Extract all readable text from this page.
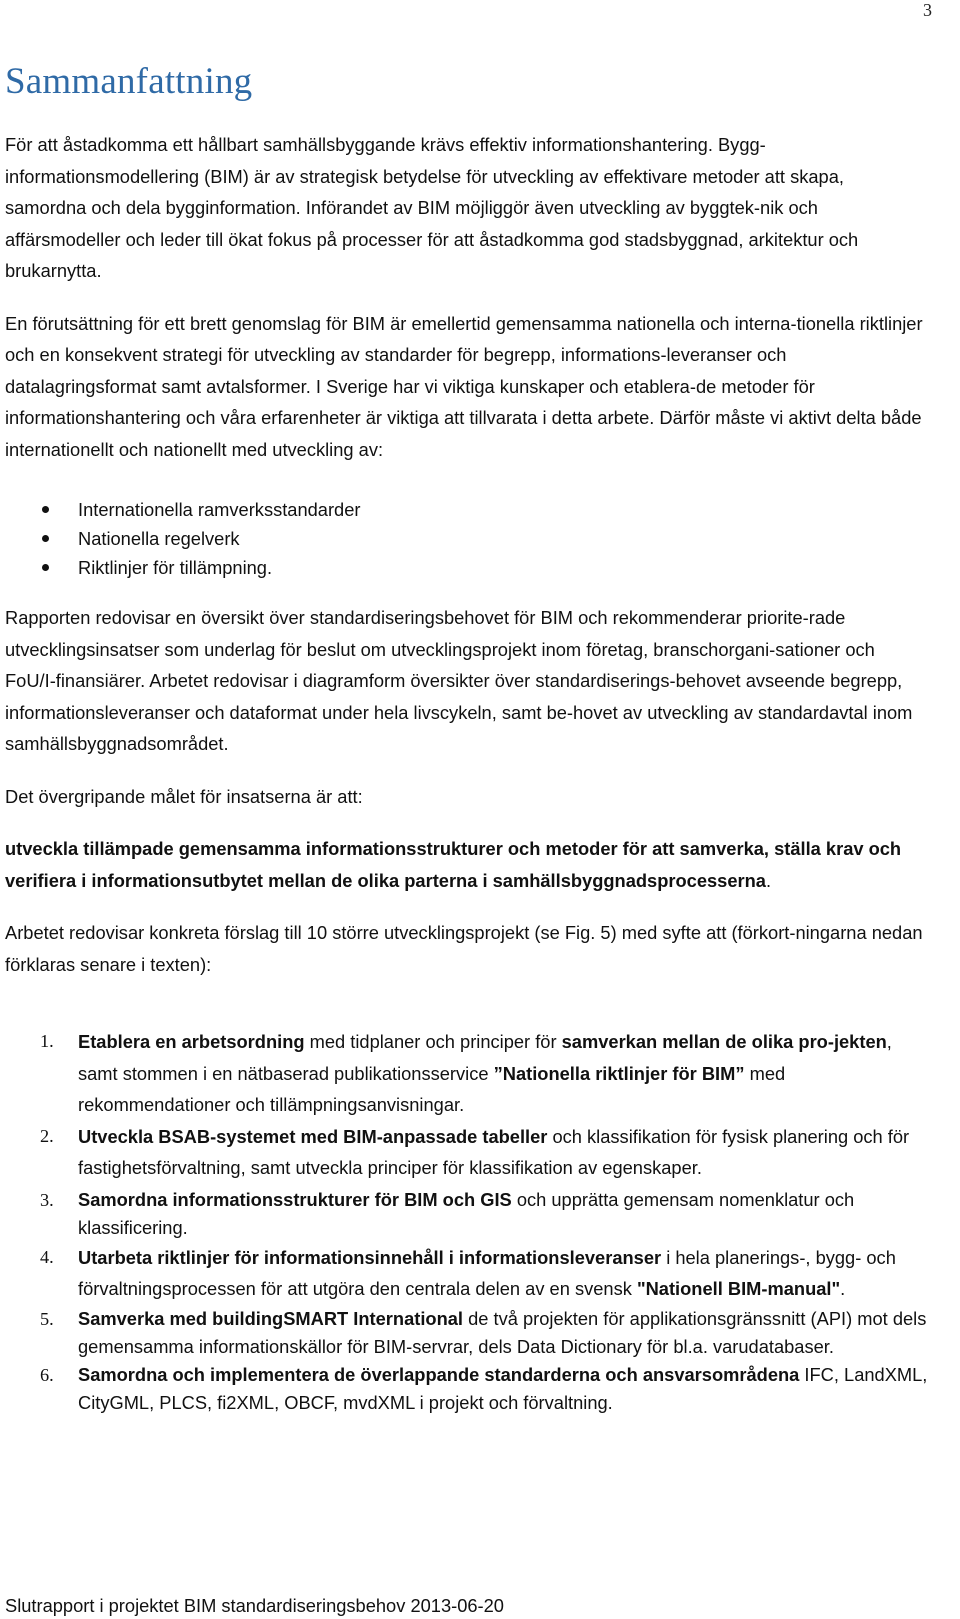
3
Sammanfattning

För att åstadkomma ett hållbart samhällsbyggande krävs effektiv informationshantering. Bygg-informationsmodellering (BIM) är av strategisk betydelse för utveckling av effektivare metoder att skapa, samordna och dela bygginformation. Införandet av BIM möjliggör även utveckling av byggtek-nik och affärsmodeller och leder till ökat fokus på processer för att åstadkomma god stadsbyggnad, arkitektur och brukarnytta.

En förutsättning för ett brett genomslag för BIM är emellertid gemensamma nationella och interna-tionella riktlinjer och en konsekvent strategi för utveckling av standarder för begrepp, informations-leveranser och datalagringsformat samt avtalsformer. I Sverige har vi viktiga kunskaper och etablera-de metoder för informationshantering och våra erfarenheter är viktiga att tillvarata i detta arbete. Därför måste vi aktivt delta både internationellt och nationellt med utveckling av:

Internationella ramverksstandarder
Nationella regelverk
Riktlinjer för tillämpning.

Rapporten redovisar en översikt över standardiseringsbehovet för BIM och rekommenderar priorite-rade utvecklingsinsatser som underlag för beslut om utvecklingsprojekt inom företag, branschorgani-sationer och FoU/I-finansiärer. Arbetet redovisar i diagramform översikter över standardiserings-behovet avseende begrepp, informationsleveranser och dataformat under hela livscykeln, samt be-hovet av utveckling av standardavtal inom samhällsbyggnadsområdet.

Det övergripande målet för insatserna är att:

utveckla tillämpade gemensamma informationsstrukturer och metoder för att samverka, ställa krav och verifiera i informationsutbytet mellan de olika parterna i samhällsbyggnadsprocesserna.

Arbetet redovisar konkreta förslag till 10 större utvecklingsprojekt (se Fig. 5) med syfte att (förkort-ningarna nedan förklaras senare i texten):

1. Etablera en arbetsordning med tidplaner och principer för samverkan mellan de olika pro-jekten, samt stommen i en nätbaserad publikationsservice ”Nationella riktlinjer för BIM” med rekommendationer och tillämpningsanvisningar.
2. Utveckla BSAB-systemet med BIM-anpassade tabeller och klassifikation för fysisk planering och för fastighetsförvaltning, samt utveckla principer för klassifikation av egenskaper.
3. Samordna informationsstrukturer för BIM och GIS och upprätta gemensam nomenklatur och klassificering.
4. Utarbeta riktlinjer för informationsinnehåll i informationsleveranser i hela planerings-, bygg- och förvaltningsprocessen för att utgöra den centrala delen av en svensk "Nationell BIM-manual".
5. Samverka med buildingSMART International de två projekten för applikationsgränssnitt (API) mot dels gemensamma informationskällor för BIM-servrar, dels Data Dictionary för bl.a. varudatabaser.
6. Samordna och implementera de överlappande standarderna och ansvarsområdena IFC, LandXML, CityGML, PLCS, fi2XML, OBCF, mvdXML i projekt och förvaltning.
Slutrapport i projektet BIM standardiseringsbehov 2013-06-20
